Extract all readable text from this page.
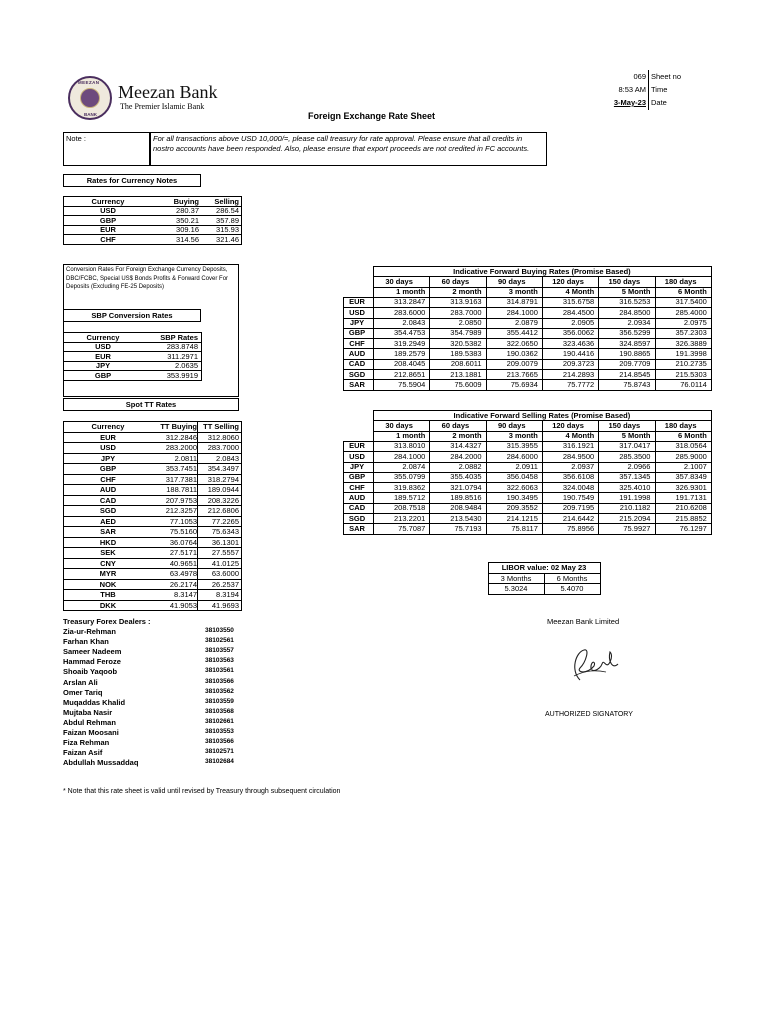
MEEZAN
BANK
Meezan Bank
The Premier Islamic Bank
Foreign Exchange Rate Sheet
069 Sheet no
8:53 AM Time
3-May-23 Date
Note :	For all transactions above USD 10,000/=, please call treasury for rate approval. Please ensure that all credits in nostro accounts have been responded. Also, please ensure that export proceeds are not credited in FC accounts.
Rates for Currency Notes
Currency	Buying	Selling
USD	280.37	286.54
GBP	350.21	357.89
EUR	309.16	315.93
CHF	314.56	321.46
Conversion Rates For Foreign Exchange Currency Deposits, DBC/FCBC, Special US$ Bonds Profits & Forward Cover For Deposits (Excluding FE-25 Deposits)
SBP Conversion Rates
Currency	SBP Rates
USD	283.8748
EUR	311.2971
JPY	2.0635
GBP	353.9919
Spot TT Rates
Currency	TT Buying TT Selling
EUR	312.2846	312.8060
USD	283.2000	283.7000
JPY	2.0811	2.0843
GBP	353.7451	354.3497
CHF	317.7381	318.2794
AUD	188.7811	189.0944
CAD	207.9753	208.3226
SGD	212.3257	212.6806
AED	77.1053	77.2265
SAR	75.5160	75.6343
HKD	36.0764	36.1301
SEK	27.5171	27.5557
CNY	40.9651	41.0125
MYR	63.4978	63.6000
NOK	26.2174	26.2537
THB	8.3147	8.3194
DKK	41.9053	41.9693
Indicative Forward Buying Rates (Promise Based)
30 days	60 days	90 days	120 days	150 days	180 days
1 month	2 month	3 month	4 Month	5 Month	6 Month
EUR	313.2847	313.9163	314.8791	315.6758	316.5253	317.5400
USD	283.6000	283.7000	284.1000	284.4500	284.8500	285.4000
JPY	2.0843	2.0850	2.0879	2.0905	2.0934	2.0975
GBP	354.4753	354.7989	355.4412	356.0062	356.5299	357.2303
CHF	319.2949	320.5382	322.0650	323.4636	324.8597	326.3889
AUD	189.2579	189.5383	190.0362	190.4416	190.8865	191.3998
CAD	208.4045	208.6011	209.0079	209.3723	209.7709	210.2735
SGD	212.8651	213.1881	213.7665	214.2893	214.8545	215.5303
SAR	75.5904	75.6009	75.6934	75.7772	75.8743	76.0114
Indicative Forward Selling Rates (Promise Based)
30 days	60 days	90 days	120 days	150 days	180 days
1 month	2 month	3 month	4 Month	5 Month	6 Month
EUR	313.8010	314.4327	315.3955	316.1921	317.0417	318.0564
USD	284.1000	284.2000	284.6000	284.9500	285.3500	285.9000
JPY	2.0874	2.0882	2.0911	2.0937	2.0966	2.1007
GBP	355.0799	355.4035	356.0458	356.6108	357.1345	357.8349
CHF	319.8362	321.0794	322.6063	324.0048	325.4010	326.9301
AUD	189.5712	189.8516	190.3495	190.7549	191.1998	191.7131
CAD	208.7518	208.9484	209.3552	209.7195	210.1182	210.6208
SGD	213.2201	213.5430	214.1215	214.6442	215.2094	215.8852
SAR	75.7087	75.7193	75.8117	75.8956	75.9927	76.1297
LIBOR value: 02 May 23
3 Months	6 Months
5.3024	5.4070
Treasury Forex Dealers :
Zia-ur-Rehman	38103550
Farhan Khan	38102561
Sameer Nadeem	38103557
Hammad Feroze	38103563
Shoaib Yaqoob	38103561
Arslan Ali	38103566
Omer Tariq	38103562
Muqaddas Khalid	38103559
Mujtaba Nasir	38103568
Abdul Rehman	38102661
Faizan Moosani	38103553
Fiza Rehman	38103566
Faizan Asif	38102571
Abdullah Mussaddaq	38102684
Meezan Bank Limited
AUTHORIZED SIGNATORY
* Note that this rate sheet is valid until revised by Treasury through subsequent circulation
